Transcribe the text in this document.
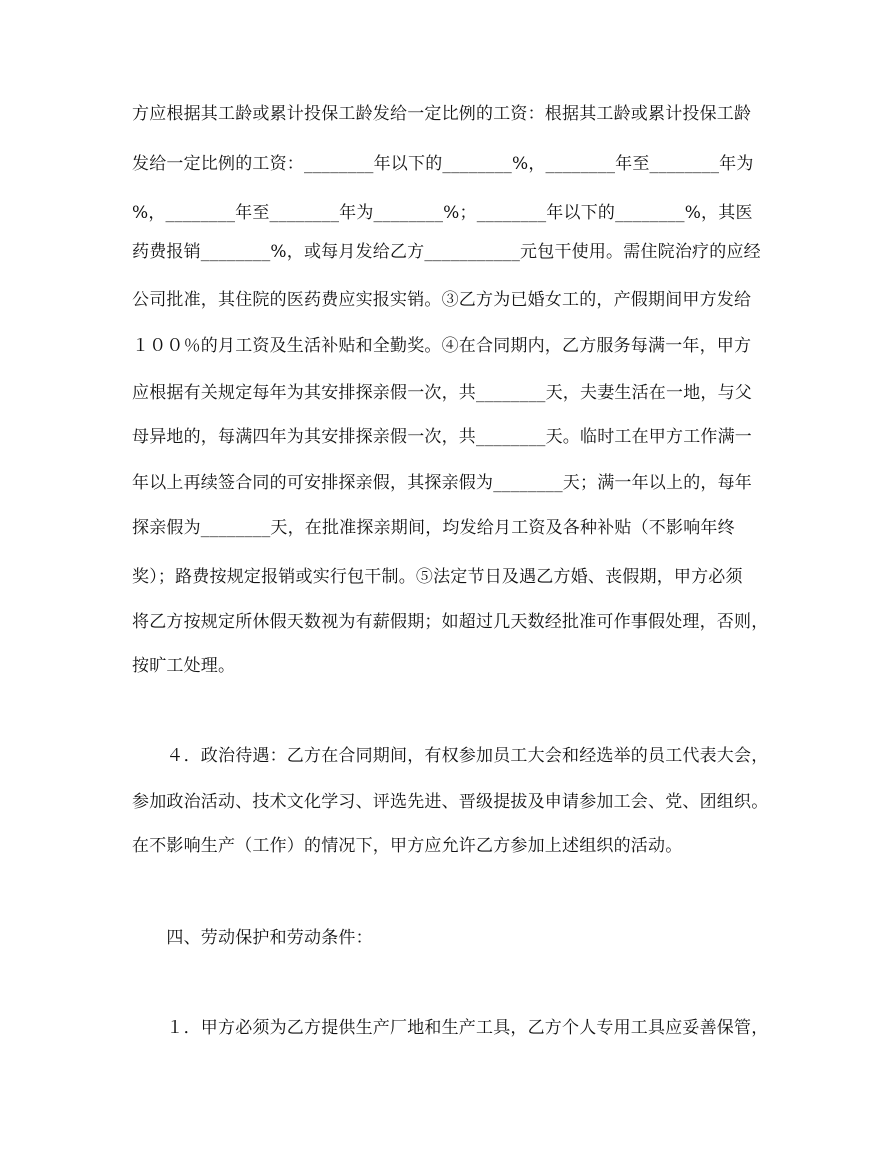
方应根据其工龄或累计投保工龄发给一定比例的工资：根据其工龄或累计投保工龄
发给一定比例的工资：________年以下的________%，________年至________年为
%，________年至________年为________%；________年以下的________%，其医
药费报销________%，或每月发给乙方___________元包干使用。需住院治疗的应经
公司批准，其住院的医药费应实报实销。③乙方为已婚女工的，产假期间甲方发给
１００％的月工资及生活补贴和全勤奖。④在合同期内，乙方服务每满一年，甲方
应根据有关规定每年为其安排探亲假一次，共________天，夫妻生活在一地，与父
母异地的，每满四年为其安排探亲假一次，共________天。临时工在甲方工作满一
年以上再续签合同的可安排探亲假，其探亲假为________天；满一年以上的，每年
探亲假为________天，在批准探亲期间，均发给月工资及各种补贴（不影响年终
奖）；路费按规定报销或实行包干制。⑤法定节日及遇乙方婚、丧假期，甲方必须
将乙方按规定所休假天数视为有薪假期；如超过几天数经批准可作事假处理，否则，
按旷工处理。
　　４．政治待遇：乙方在合同期间，有权参加员工大会和经选举的员工代表大会，
参加政治活动、技术文化学习、评选先进、晋级提拔及申请参加工会、党、团组织。
在不影响生产（工作）的情况下，甲方应允许乙方参加上述组织的活动。
　　四、劳动保护和劳动条件：
　　１．甲方必须为乙方提供生产厂地和生产工具，乙方个人专用工具应妥善保管，
